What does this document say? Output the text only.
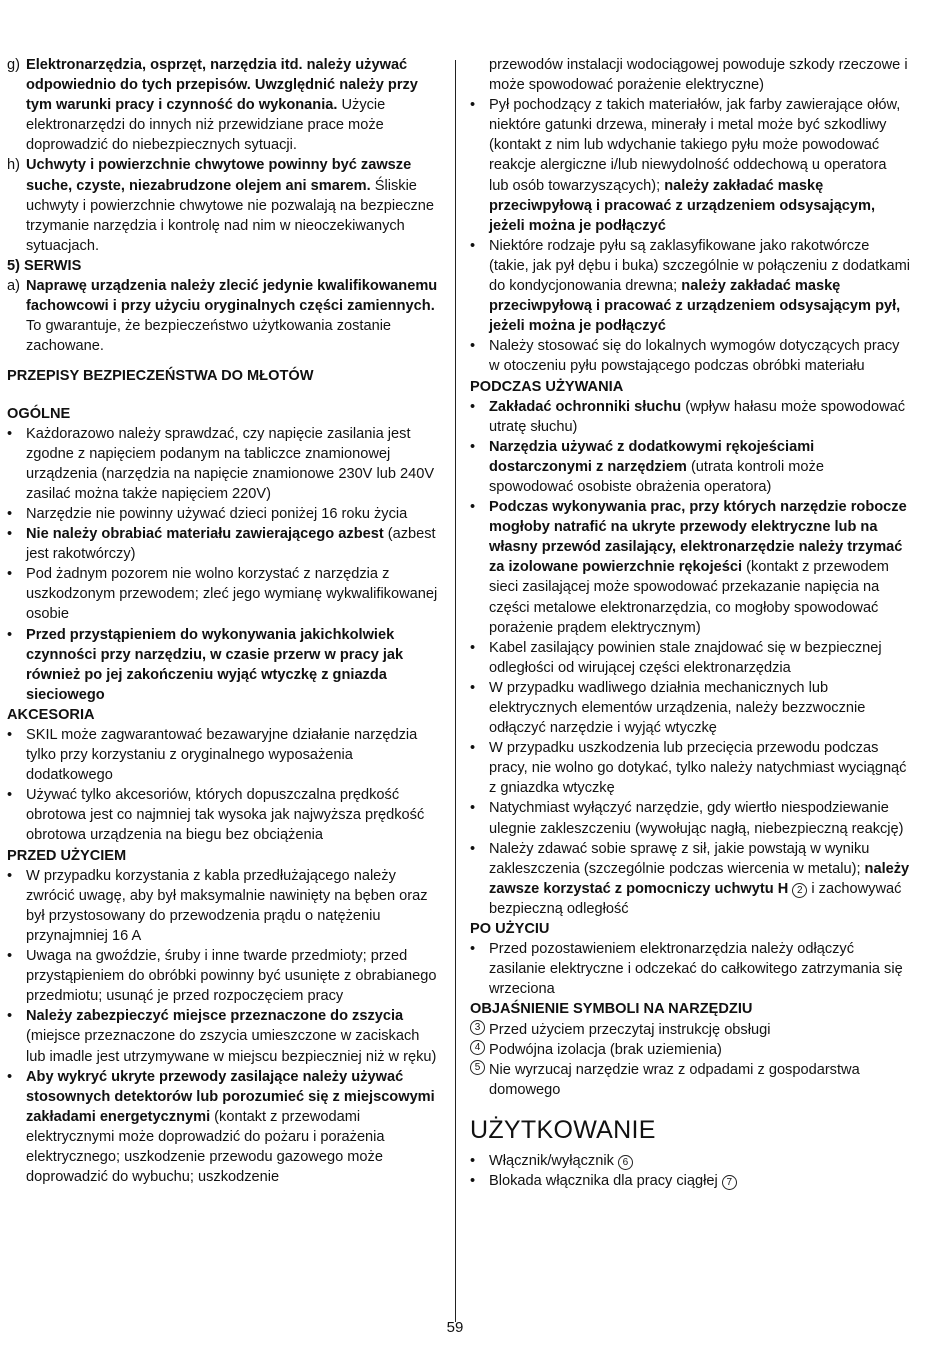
g) Elektronarzędzia, osprzęt, narzędzia itd. należy używać odpowiednio do tych przepisów. Uwzględnić należy przy tym warunki pracy i czynność do wykonania. Użycie elektronarzędzi do innych niż przewidziane prace może doprowadzić do niebezpiecznych sytuacji.
h) Uchwyty i powierzchnie chwytowe powinny być zawsze suche, czyste, niezabrudzone olejem ani smarem. Śliskie uchwyty i powierzchnie chwytowe nie pozwalają na bezpieczne trzymanie narzędzia i kontrolę nad nim w nieoczekiwanych sytuacjach.
5) SERWIS
a) Naprawę urządzenia należy zlecić jedynie kwalifikowanemu fachowcowi i przy użyciu oryginalnych części zamiennych. To gwarantuje, że bezpieczeństwo użytkowania zostanie zachowane.
PRZEPISY BEZPIECZEŃSTWA DO MŁOTÓW
OGÓLNE
• Każdorazowo należy sprawdzać, czy napięcie zasilania jest zgodne z napięciem podanym na tabliczce znamionowej urządzenia (narzędzia na napięcie znamionowe 230V lub 240V zasilać można także napięciem 220V)
• Narzędzie nie powinny używać dzieci poniżej 16 roku życia
• Nie należy obrabiać materiału zawierającego azbest (azbest jest rakotwórczy)
• Pod żadnym pozorem nie wolno korzystać z narzędzia z uszkodzonym przewodem; zleć jego wymianę wykwalifikowanej osobie
• Przed przystąpieniem do wykonywania jakichkolwiek czynności przy narzędziu, w czasie przerw w pracy jak również po jej zakończeniu wyjąć wtyczkę z gniazda sieciowego
AKCESORIA
• SKIL może zagwarantować bezawaryjne działanie narzędzia tylko przy korzystaniu z oryginalnego wyposażenia dodatkowego
• Używać tylko akcesoriów, których dopuszczalna prędkość obrotowa jest co najmniej tak wysoka jak najwyższa prędkość obrotowa urządzenia na biegu bez obciążenia
PRZED UŻYCIEM
• W przypadku korzystania z kabla przedłużającego należy zwrócić uwagę, aby był maksymalnie nawinięty na bęben oraz był przystosowany do przewodzenia prądu o natężeniu przynajmniej 16 A
• Uwaga na gwoździe, śruby i inne twarde przedmioty; przed przystąpieniem do obróbki powinny być usunięte z obrabianego przedmiotu; usunąć je przed rozpoczęciem pracy
• Należy zabezpieczyć miejsce przeznaczone do zszycia (miejsce przeznaczone do zszycia umieszczone w zaciskach lub imadle jest utrzymywane w miejscu bezpieczniej niż w ręku)
• Aby wykryć ukryte przewody zasilające należy używać stosownych detektorów lub porozumieć się z miejscowymi zakładami energetycznymi (kontakt z przewodami elektrycznymi może doprowadzić do pożaru i porażenia elektrycznego; uszkodzenie przewodu gazowego może doprowadzić do wybuchu; uszkodzenie
przewodów instalacji wodociągowej powoduje szkody rzeczowe i może spowodować porażenie elektryczne)
• Pył pochodzący z takich materiałów, jak farby zawierające ołów, niektóre gatunki drzewa, minerały i metal może być szkodliwy (kontakt z nim lub wdychanie takiego pyłu może powodować reakcje alergiczne i/lub niewydolność oddechową u operatora lub osób towarzyszących); należy zakładać maskę przeciwpyłową i pracować z urządzeniem odsysającym, jeżeli można je podłączyć
• Niektóre rodzaje pyłu są zaklasyfikowane jako rakotwórcze (takie, jak pył dębu i buka) szczególnie w połączeniu z dodatkami do kondycjonowania drewna; należy zakładać maskę przeciwpyłową i pracować z urządzeniem odsysającym pył, jeżeli można je podłączyć
• Należy stosować się do lokalnych wymogów dotyczących pracy w otoczeniu pyłu powstającego podczas obróbki materiału
PODCZAS UŻYWANIA
• Zakładać ochronniki słuchu (wpływ hałasu może spowodować utratę słuchu)
• Narzędzia używać z dodatkowymi rękojeściami dostarczonymi z narzędziem (utrata kontroli może spowodować osobiste obrażenia operatora)
• Podczas wykonywania prac, przy których narzędzie robocze mogłoby natrafić na ukryte przewody elektryczne lub na własny przewód zasilający, elektronarzędzie należy trzymać za izolowane powierzchnie rękojeści (kontakt z przewodem sieci zasilającej może spowodować przekazanie napięcia na części metalowe elektronarzędzia, co mogłoby spowodować porażenie prądem elektrycznym)
• Kabel zasilający powinien stale znajdować się w bezpiecznej odległości od wirującej części elektronarzędzia
• W przypadku wadliwego działnia mechanicznych lub elektrycznych elementów urządzenia, należy bezzwocznie odłączyć narzędzie i wyjąć wtyczkę
• W przypadku uszkodzenia lub przecięcia przewodu podczas pracy, nie wolno go dotykać, tylko należy natychmiast wyciągnąć z gniazdka wtyczkę
• Natychmiast wyłączyć narzędzie, gdy wiertło niespodziewanie ulegnie zakleszczeniu (wywołując nagłą, niebezpieczną reakcję)
• Należy zdawać sobie sprawę z sił, jakie powstają w wyniku zakleszczenia (szczególnie podczas wiercenia w metalu); należy zawsze korzystać z pomocniczy uchwytu H 2 i zachowywać bezpieczną odległość
PO UŻYCIU
• Przed pozostawieniem elektronarzędzia należy odłączyć zasilanie elektryczne i odczekać do całkowitego zatrzymania się wrzeciona
OBJAŚNIENIE SYMBOLI NA NARZĘDZIU
3 Przed użyciem przeczytaj instrukcję obsługi
4 Podwójna izolacja (brak uziemienia)
5 Nie wyrzucaj narzędzie wraz z odpadami z gospodarstwa domowego
UŻYTKOWANIE
• Włącznik/wyłącznik 6
• Blokada włącznika dla pracy ciągłej 7
59
